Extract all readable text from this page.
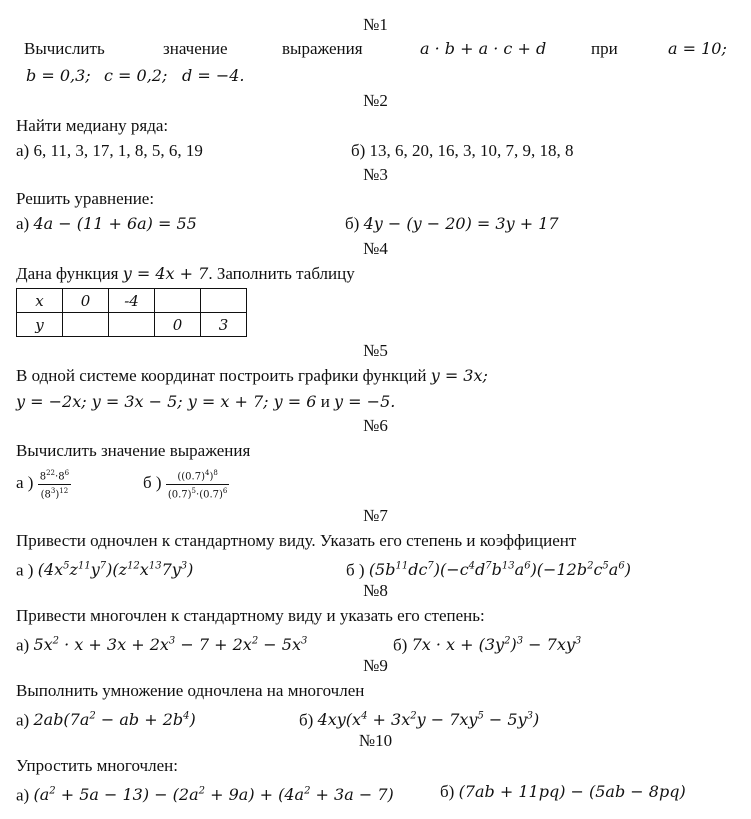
№1
Вычислить	значение	выражения	a · b + a · c + d	при	a = 10;
b = 0,3; c = 0,2; d = −4.
№2
Найти медиану ряда:
а) 6, 11, 3, 17, 1, 8, 5, 6, 19	б) 13, 6, 20, 16, 3, 10, 7, 9, 18, 8
№3
Решить уравнение:
а) 4a − (11 + 6a) = 55	б) 4y − (y − 20) = 3y + 17
№4
Дана функция y = 4x + 7. Заполнить таблицу
x	0	-4		
y			0	3
№5
В одной системе координат построить графики функций y = 3x;
y = −2x; y = 3x − 5; y = x + 7; y = 6 и y = −5.
№6
Вычислить значение выражения
а ) $\frac{8^{22}\cdot 8^6}{(8^3)^{12}}$	б ) $\frac{((0.7)^4)^8}{(0.7)^5\cdot(0.7)^6}$
№7
Привести одночлен к стандартному виду. Указать его степень и коэффициент
а ) $(4x^5z^{11}y^7)(z^{12}x^{13}7y^3)$	б ) $(5b^{11}dc^7)(-c^4d^7b^{13}a^6)(-12b^2c^5a^6)$
№8
Привести многочлен к стандартному виду и указать его степень:
а) $5x^2 \cdot x + 3x + 2x^3 - 7 + 2x^2 - 5x^3$	б) $7x \cdot x + (3y^2)^3 - 7xy^3$
№9
Выполнить умножение одночлена на многочлен
а) $2ab(7a^2$ − ab + $2b^4$)	б) $4xy(x^4 + 3x^2y - 7xy^5 - 5y^3)$
№10
Упростить многочлен:
а) $(a^2 + 5a - 13) - (2a^2 + 9a) + (4a^2 + 3a - 7)$	б) (7ab + 11pq) − (5ab − 8pq)
